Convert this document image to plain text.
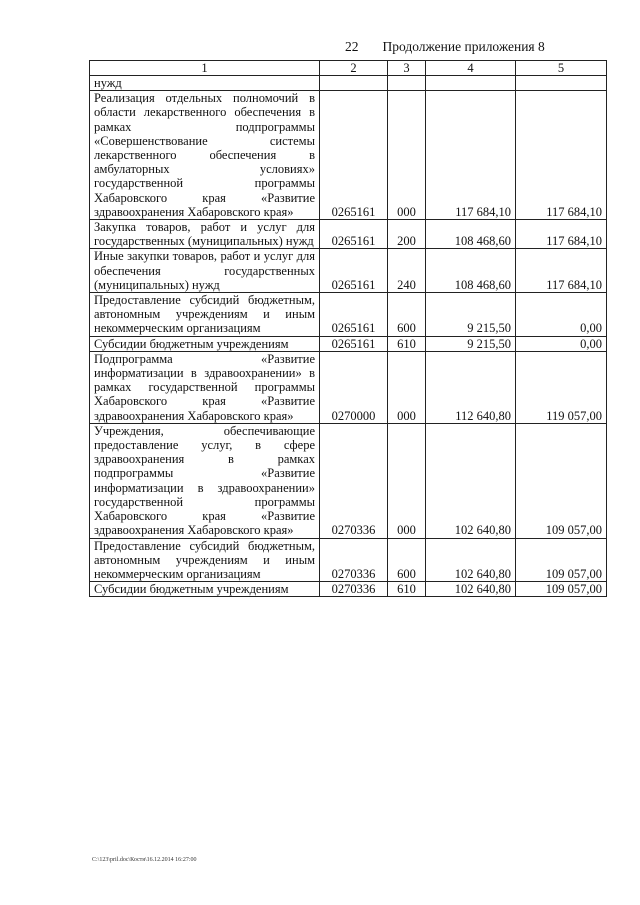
22 Продолжение приложения 8
1	2	3	4	5
нужд				
Реализация отдельных полномочий в области лекарственного обеспечения в рамках подпрограммы «Совершенствование системы лекарственного обеспечения в амбулаторных условиях» государственной программы Хабаровского края «Развитие здравоохранения Хабаровского края»	0265161	000	117 684,10	117 684,10
Закупка товаров, работ и услуг для государственных (муниципальных) нужд	0265161	200	108 468,60	117 684,10
Иные закупки товаров, работ и услуг для обеспечения государственных (муниципальных) нужд	0265161	240	108 468,60	117 684,10
Предоставление субсидий бюджетным, автономным учреждениям и иным некоммерческим организациям	0265161	600	9 215,50	0,00
Субсидии бюджетным учреждениям	0265161	610	9 215,50	0,00
Подпрограмма «Развитие информатизации в здравоохранении» в рамках государственной программы Хабаровского края «Развитие здравоохранения Хабаровского края»	0270000	000	112 640,80	119 057,00
Учреждения, обеспечивающие предоставление услуг, в сфере здравоохранения в рамках подпрограммы «Развитие информатизации в здравоохранении» государственной программы Хабаровского края «Развитие здравоохранения Хабаровского края»	0270336	000	102 640,80	109 057,00
Предоставление субсидий бюджетным, автономным учреждениям и иным некоммерческим организациям	0270336	600	102 640,80	109 057,00
Субсидии бюджетным учреждениям	0270336	610	102 640,80	109 057,00
C:\123\pril.doc\Костя\16.12.2014 16:27:00
